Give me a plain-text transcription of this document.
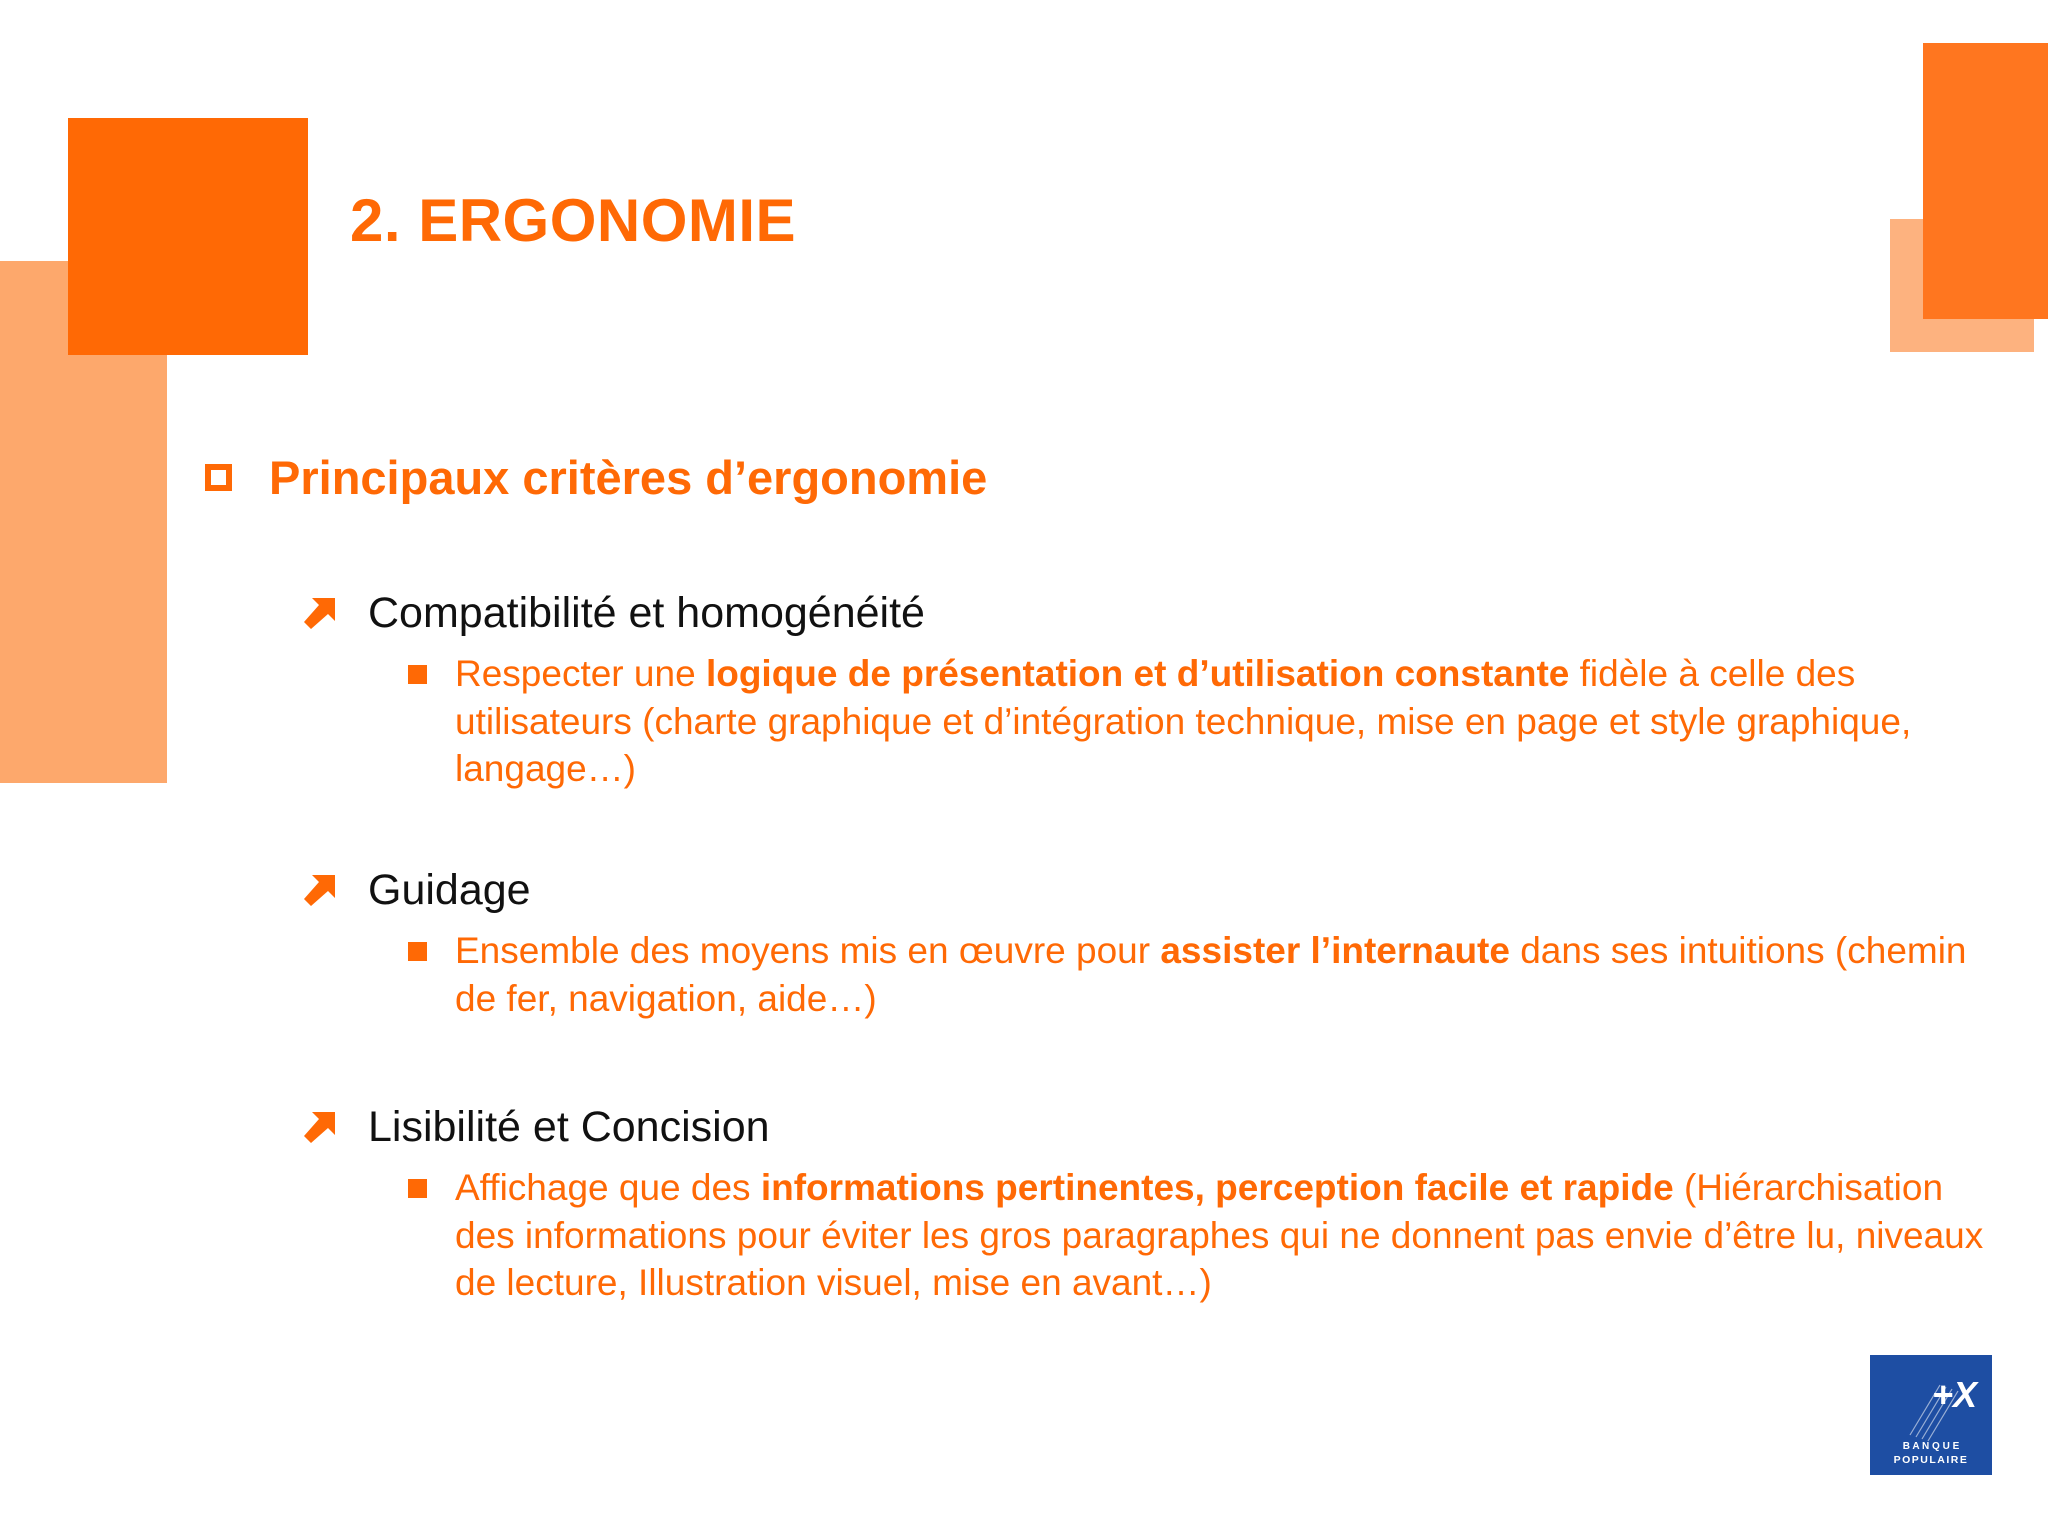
2. ERGONOMIE
Principaux critères d’ergonomie
Compatibilité et homogénéité
Respecter une logique de présentation et d’utilisation constante fidèle à celle des utilisateurs (charte graphique et d’intégration technique, mise en page et style graphique, langage…)
Guidage
Ensemble des moyens mis en œuvre pour assister l’internaute dans ses intuitions (chemin de fer, navigation, aide…)
Lisibilité et Concision
Affichage que des informations pertinentes, perception facile et rapide (Hiérarchisation des informations pour éviter les gros paragraphes qui ne donnent pas envie d’être lu, niveaux de lecture, Illustration visuel, mise en avant…)
+X
B A N Q U E
POPULAIRE
